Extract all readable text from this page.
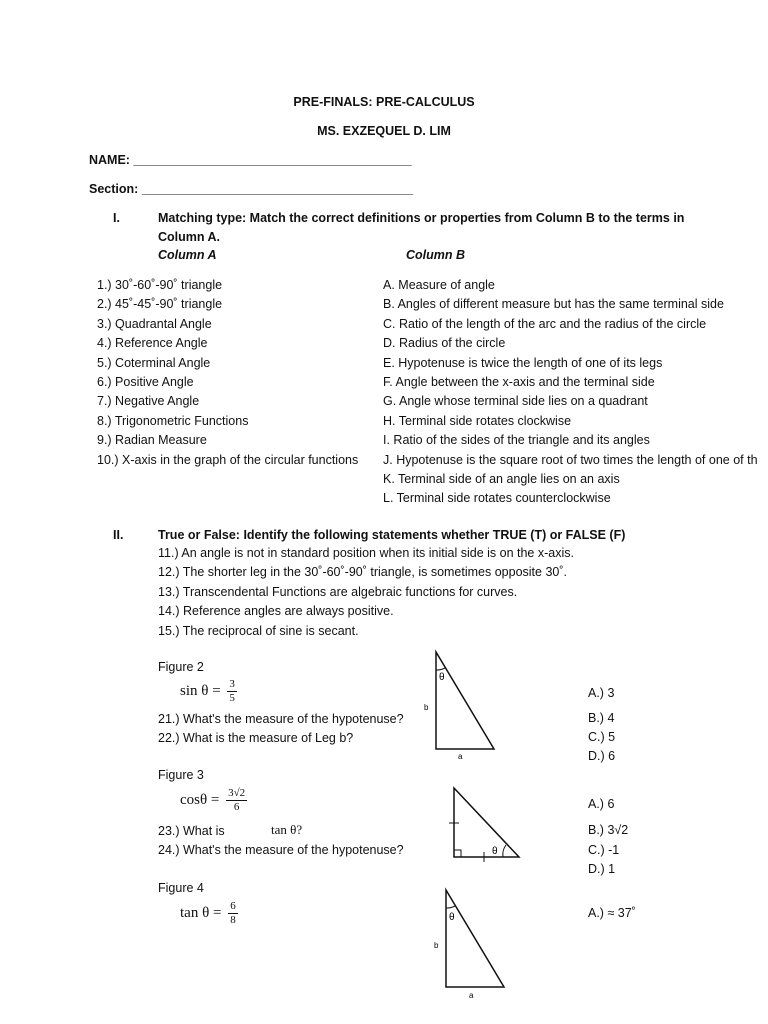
PRE-FINALS: PRE-CALCULUS
MS. EXZEQUEL D. LIM
NAME: ________________________________________
Section: _______________________________________
I.	Matching type: Match the correct definitions or properties from Column B to the terms in
Column A.
Column A	Column B
1.) 30˚-60˚-90˚ triangle
2.) 45˚-45˚-90˚ triangle
3.) Quadrantal Angle
4.) Reference Angle
5.) Coterminal Angle
6.) Positive Angle
7.) Negative Angle
8.) Trigonometric Functions
9.) Radian Measure
10.) X-axis in the graph of the circular functions
A. Measure of angle
B. Angles of different measure but has the same terminal side
C. Ratio of the length of the arc and the radius of the circle
D. Radius of the circle
E. Hypotenuse is twice the length of one of its legs
F. Angle between the x-axis and the terminal side
G. Angle whose terminal side lies on a quadrant
H. Terminal side rotates clockwise
I. Ratio of the sides of the triangle and its angles
J. Hypotenuse is the square root of two times the length of one of th
K. Terminal side of an angle lies on an axis
L. Terminal side rotates counterclockwise
II.	True or False: Identify the following statements whether TRUE (T) or FALSE (F)
11.) An angle is not in standard position when its initial side is on the x-axis.
12.) The shorter leg in the 30˚-60˚-90˚ triangle, is sometimes opposite 30˚.
13.) Transcendental Functions are algebraic functions for curves.
14.) Reference angles are always positive.
15.) The reciprocal of sine is secant.
Figure 2
$\sin \theta = \frac{3}{5}$
21.) What's the measure of the hypotenuse?
22.) What is the measure of Leg b?
θ
b
a
A.) 3
B.) 4
C.) 5
D.) 6
Figure 3
$\cos\theta = \frac{3√2}{6}$
23.) What is	tan θ?
24.) What's the measure of the hypotenuse?	θ
A.) 6
B.) 3√2
C.) -1
D.) 1
Figure 4
$\tan \theta = \frac{6}{8}$	θ
b
a
A.) ≈ 37˚
